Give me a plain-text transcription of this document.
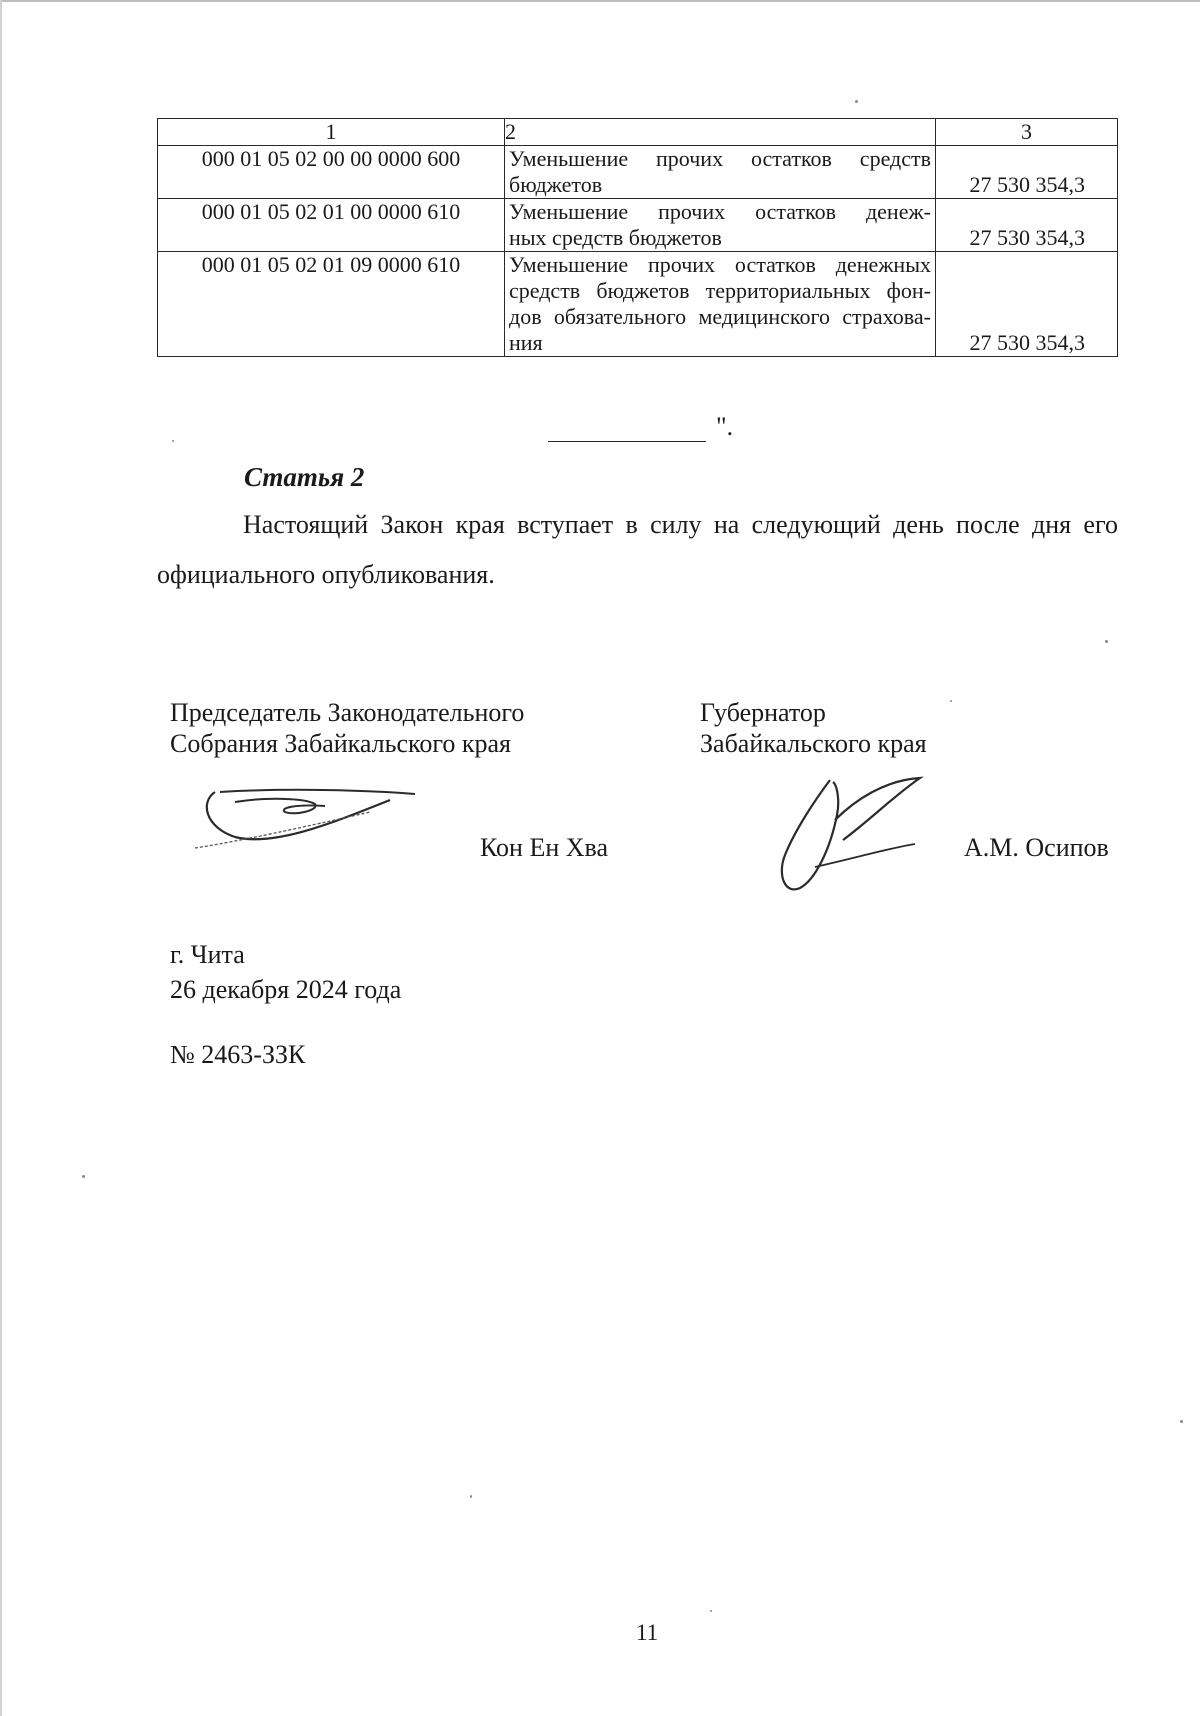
1	2	3
000 01 05 02 00 00 0000 600	Уменьшение прочих остатков средств
бюджетов	27 530 354,3
000 01 05 02 01 00 0000 610	Уменьшение прочих остатков денеж-
ных средств бюджетов	27 530 354,3
000 01 05 02 01 09 0000 610	Уменьшение прочих остатков денежных
средств бюджетов территориальных фон-
дов обязательного медицинского страхова-
ния	27 530 354,3
".
Статья 2

Настоящий Закон края вступает в силу на следующий день после дня его официального опубликования.

Председатель Законодательного
Собрания Забайкальского края
Кон Ен Хва
Губернатор
Забайкальского края
А.М. Осипов
г. Чита
26 декабря 2024 года
№ 2463-ЗЗК
11
